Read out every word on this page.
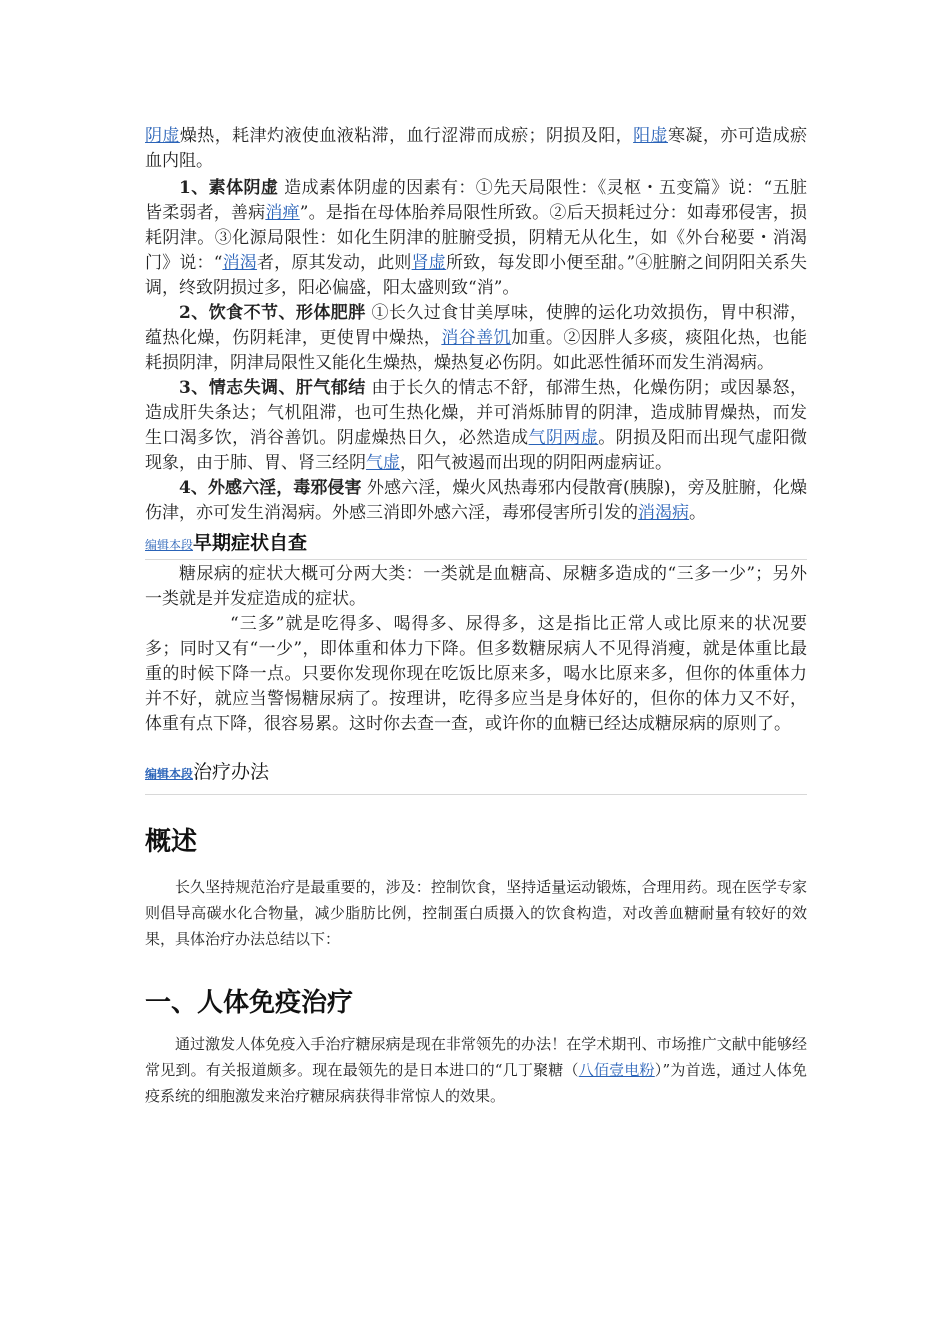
阴虚燥热，耗津灼液使血液粘滞，血行涩滞而成瘀；阴损及阳，阳虚寒凝，亦可造成瘀血内阻。

1、素体阴虚 造成素体阴虚的因素有：①先天局限性：《灵枢・五变篇》说：“五脏皆柔弱者，善病消瘅”。是指在母体胎养局限性所致。②后天损耗过分：如毒邪侵害，损耗阴津。③化源局限性：如化生阴津的脏腑受损，阴精无从化生，如《外台秘要・消渴门》说：“消渴者，原其发动，此则肾虚所致，每发即小便至甜。”④脏腑之间阴阳关系失调，终致阴损过多，阳必偏盛，阳太盛则致“消”。

2、饮食不节、形体肥胖 ①长久过食甘美厚味，使脾的运化功效损伤，胃中积滞，蕴热化燥，伤阴耗津，更使胃中燥热，消谷善饥加重。②因胖人多痰，痰阻化热，也能耗损阴津，阴津局限性又能化生燥热，燥热复必伤阴。如此恶性循环而发生消渴病。

3、情志失调、肝气郁结 由于长久的情志不舒，郁滞生热，化燥伤阴；或因暴怒，造成肝失条达；气机阻滞，也可生热化燥，并可消烁肺胃的阴津，造成肺胃燥热，而发生口渴多饮，消谷善饥。阴虚燥热日久，必然造成气阴两虚。阴损及阳而出现气虚阳微现象，由于肺、胃、肾三经阴气虚，阳气被遏而出现的阴阳两虚病证。

4、外感六淫，毒邪侵害 外感六淫，燥火风热毒邪内侵散膏(胰腺)，旁及脏腑，化燥伤津，亦可发生消渴病。外感三消即外感六淫，毒邪侵害所引发的消渴病。

编辑本段 早期症状自查

糖尿病的症状大概可分两大类：一类就是血糖高、尿糖多造成的“三多一少”；另外一类就是并发症造成的症状。

“三多”就是吃得多、喝得多、尿得多，这是指比正常人或比原来的状况要多；同时又有“一少”，即体重和体力下降。但多数糖尿病人不见得消瘦，就是体重比最重的时候下降一点。只要你发现你现在吃饭比原来多，喝水比原来多，但你的体重体力并不好，就应当警惕糖尿病了。按理讲，吃得多应当是身体好的，但你的体力又不好，体重有点下降，很容易累。这时你去查一查，或许你的血糖已经达成糖尿病的原则了。

编辑本段 治疗办法
概述

长久坚持规范治疗是最重要的，涉及：控制饮食，坚持适量运动锻炼，合理用药。现在医学专家则倡导高碳水化合物量，减少脂肪比例，控制蛋白质摄入的饮食构造，对改善血糖耐量有较好的效果，具体治疗办法总结以下：

一、人体免疫治疗

通过激发人体免疫入手治疗糖尿病是现在非常领先的办法！在学术期刊、市场推广文献中能够经常见到。有关报道颇多。现在最领先的是日本进口的“几丁聚糖（八佰壹电粉）”为首选，通过人体免疫系统的细胞激发来治疗糖尿病获得非常惊人的效果。
